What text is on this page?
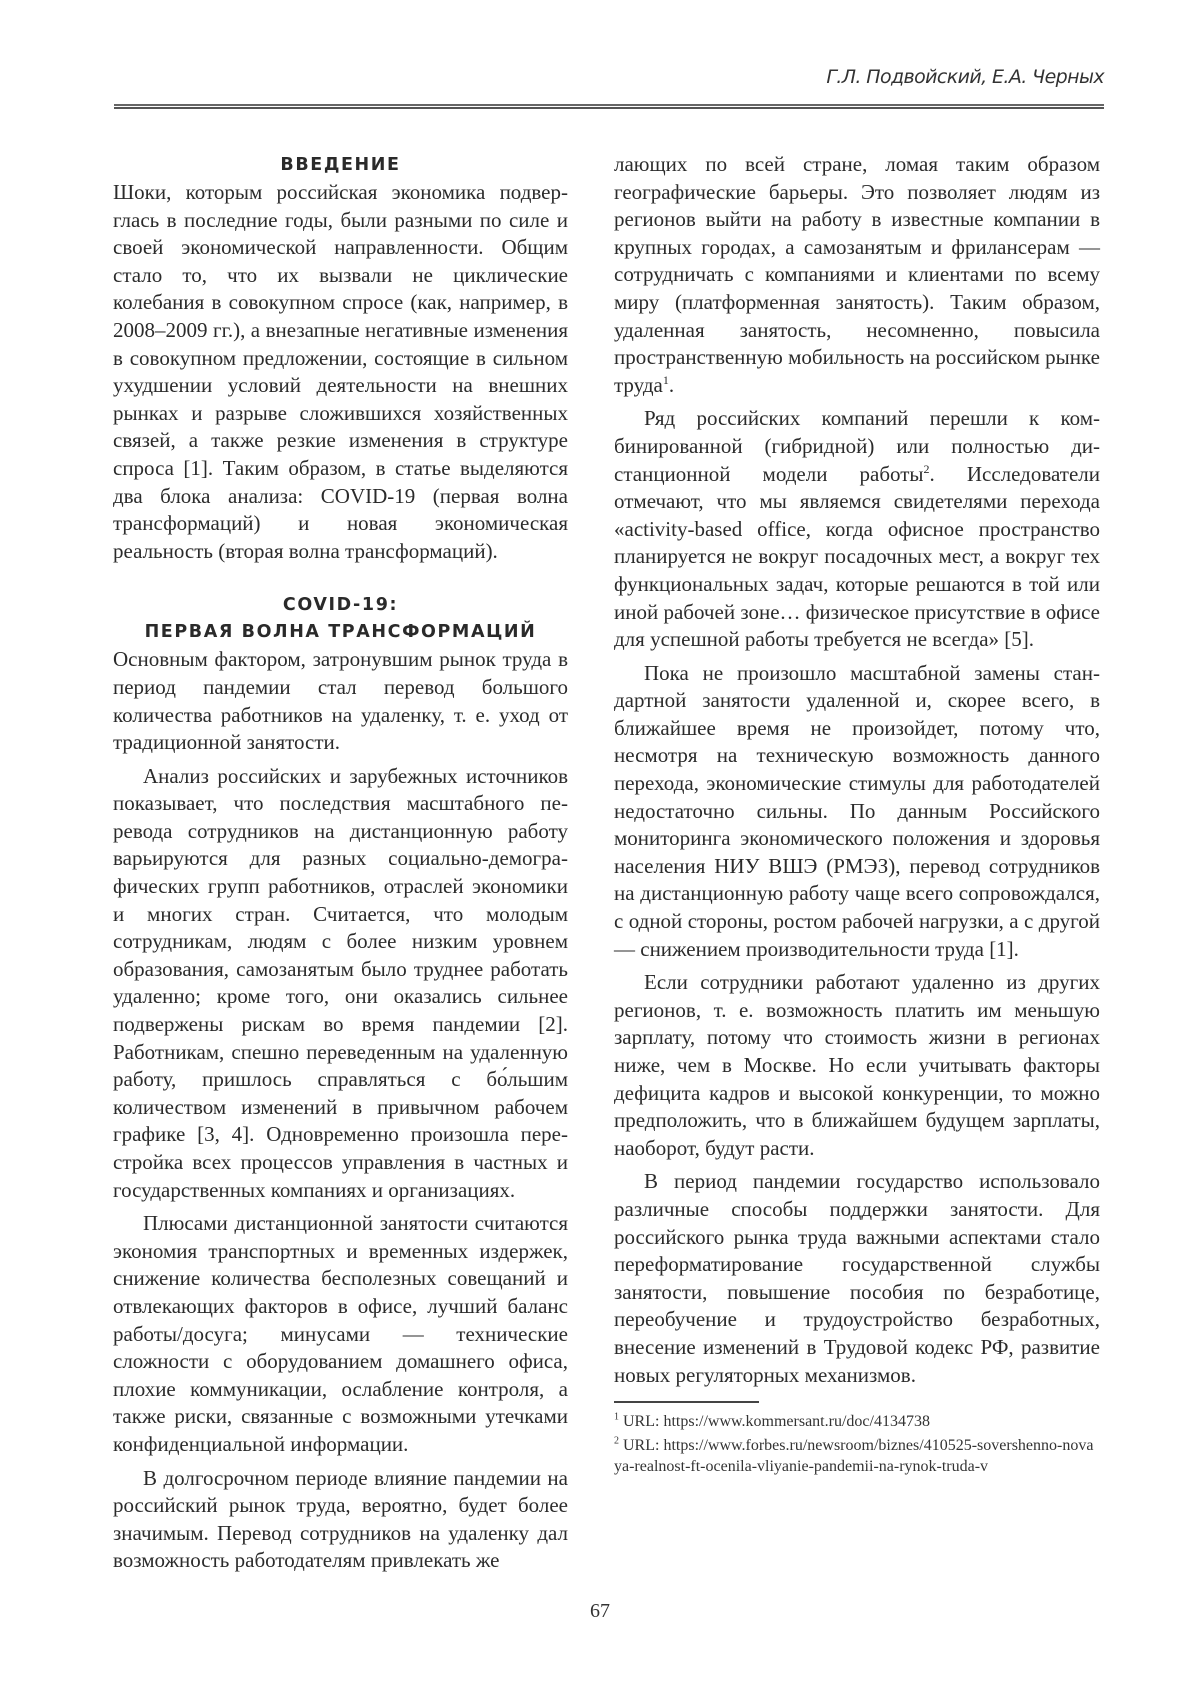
Г.Л. Подвойский, Е.А. Черных
ВВЕДЕНИЕ

Шоки, которым российская экономика подверглась в последние годы, были разными по силе и своей экономической направленности. Общим стало то, что их вызвали не циклические колебания в совокупном спросе (как, например, в 2008–2009 гг.), а внезапные негативные изменения в совокупном предложении, состоящие в сильном ухудшении условий деятельности на внешних рынках и разрыве сложившихся хозяйственных связей, а также резкие изменения в структуре спроса [1]. Таким образом, в статье выделяются два блока анализа: COVID-19 (первая волна трансформаций) и новая экономическая реальность (вторая волна трансформаций).

COVID-19:
ПЕРВАЯ ВОЛНА ТРАНСФОРМАЦИЙ

Основным фактором, затронувшим рынок труда в период пандемии стал перевод большого количества работников на удаленку, т. е. уход от традиционной занятости.

Анализ российских и зарубежных источников показывает, что последствия масштабного перевода сотрудников на дистанционную работу варьируются для разных социально-демографических групп работников, отраслей экономики и многих стран. Считается, что молодым сотрудникам, людям с более низким уровнем образования, самозанятым было труднее работать удаленно; кроме того, они оказались сильнее подвержены рискам во время пандемии [2]. Работникам, спешно переведенным на удаленную работу, пришлось справляться с бо́льшим количеством изменений в привычном рабочем графике [3, 4]. Одновременно произошла перестройка всех процессов управления в частных и государственных компаниях и организациях.

Плюсами дистанционной занятости считаются экономия транспортных и временных издержек, снижение количества бесполезных совещаний и отвлекающих факторов в офисе, лучший баланс работы/досуга; минусами — технические сложности с оборудованием домашнего офиса, плохие коммуникации, ослабление контроля, а также риски, связанные с возможными утечками конфиденциальной информации.

В долгосрочном периоде влияние пандемии на российский рынок труда, вероятно, будет более значимым. Перевод сотрудников на удаленку дал возможность работодателям привлекать же

лающих по всей стране, ломая таким образом географические барьеры. Это позволяет людям из регионов выйти на работу в известные компании в крупных городах, а самозанятым и фрилансерам — сотрудничать с компаниями и клиентами по всему миру (платформенная занятость). Таким образом, удаленная занятость, несомненно, повысила пространственную мобильность на российском рынке труда$^1$.

Ряд российских компаний перешли к комбинированной (гибридной) или полностью дистанционной модели работы$^2$. Исследователи отмечают, что мы являемся свидетелями перехода «activity-based office, когда офисное пространство планируется не вокруг посадочных мест, а вокруг тех функциональных задач, которые решаются в той или иной рабочей зоне… физическое присутствие в офисе для успешной работы требуется не всегда» [5].

Пока не произошло масштабной замены стандартной занятости удаленной и, скорее всего, в ближайшее время не произойдет, потому что, несмотря на техническую возможность данного перехода, экономические стимулы для работодателей недостаточно сильны. По данным Российского мониторинга экономического положения и здоровья населения НИУ ВШЭ (РМЭЗ), перевод сотрудников на дистанционную работу чаще всего сопровождался, с одной стороны, ростом рабочей нагрузки, а с другой — снижением производительности труда [1].

Если сотрудники работают удаленно из других регионов, т. е. возможность платить им меньшую зарплату, потому что стоимость жизни в регионах ниже, чем в Москве. Но если учитывать факторы дефицита кадров и высокой конкуренции, то можно предположить, что в ближайшем будущем зарплаты, наоборот, будут расти.

В период пандемии государство использовало различные способы поддержки занятости. Для российского рынка труда важными аспектами стало переформатирование государственной службы занятости, повышение пособия по безработице, переобучение и трудоустройство безработных, внесение изменений в Трудовой кодекс РФ, развитие новых регуляторных механизмов.

$^1$ URL: https://www.kommersant.ru/doc/4134738

$^2$ URL: https://www.forbes.ru/newsroom/biznes/410525-sovershenno-novaya-realnost-ft-ocenila-vliyanie-pandemii-na-rynok-truda-v

67
